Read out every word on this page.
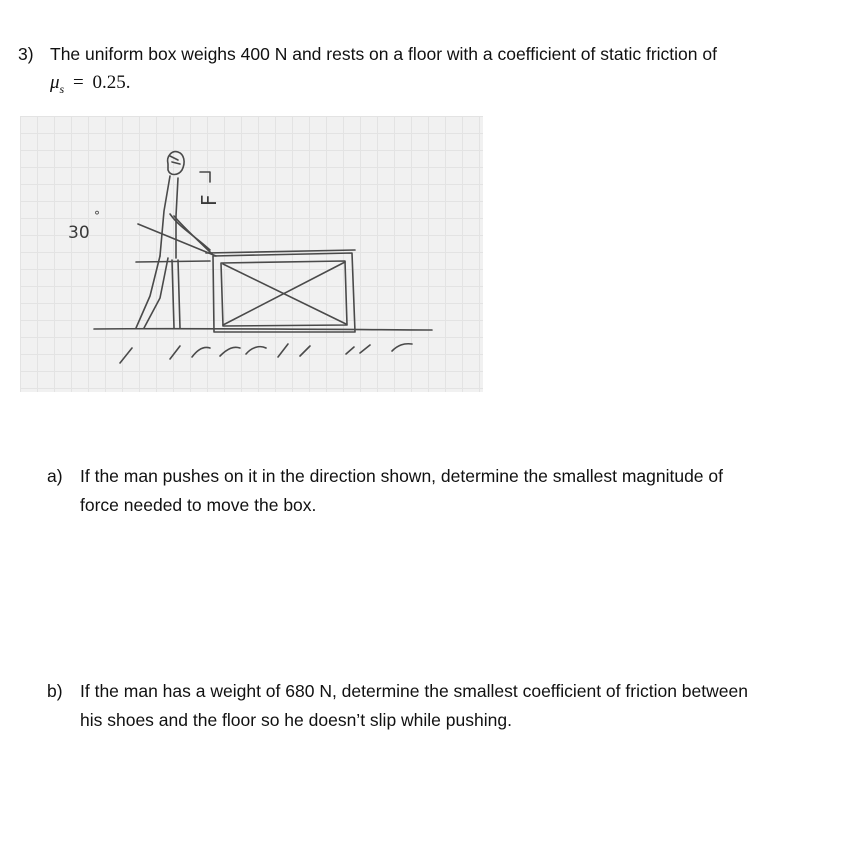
3) The uniform box weighs 400 N and rests on a floor with a coefficient of static friction of
$\mu_s = 0.25$.
30
°
F
a) If the man pushes on it in the direction shown, determine the smallest magnitude of
force needed to move the box.
b) If the man has a weight of 680 N, determine the smallest coefficient of friction between
his shoes and the floor so he doesn’t slip while pushing.
